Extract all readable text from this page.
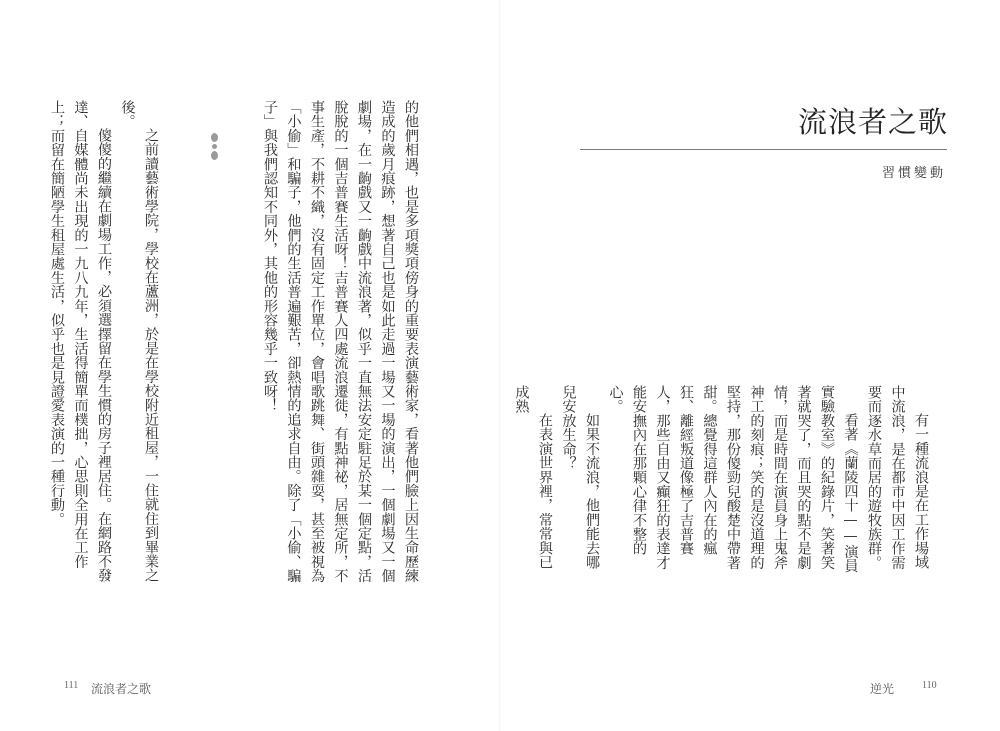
的他們相遇，也是多項獎項傍身的重要表演藝術家，看著他們臉上因生命歷練造成的歲月痕跡，想著自己也是如此走過一場又一場的演出，一個劇場又一個劇場，在一齣戲又一齣戲中流浪著，似乎一直無法安定駐足於某一個定點，活脫脫的一個吉普賽生活呀！吉普賽人四處流浪遷徙，有點神祕，居無定所，不事生產，不耕不織，沒有固定工作單位，會唱歌跳舞、街頭雜耍，甚至被視為「小偷」和騙子，他們的生活普遍艱苦，卻熱情的追求自由。除了「小偷、騙子」與我們認知不同外，其他的形容幾乎一致呀！

之前讀藝術學院，學校在蘆洲，於是在學校附近租屋，一住就住到畢業之後。

傻傻的繼續在劇場工作，必須選擇留在學生慣的房子裡居住。在網路不發達、自媒體尚未出現的一九八九年，生活得簡單而樸拙，心思則全用在工作上；而留在簡陋學生租屋處生活，似乎也是見證愛表演的一種行動。

111 流浪者之歌
流浪者之歌
習慣變動

有一種流浪是在工作場域中流浪，是在都市中因工作需要而逐水草而居的遊牧族群。

看著《蘭陵四十——演員實驗教室》的紀錄片，笑著笑著就哭了，而且哭的點不是劇情，而是時間在演員身上鬼斧神工的刻痕；笑的是沒道理的堅持，那份傻勁兒酸楚中帶著甜。總覺得這群人內在的瘋狂、離經叛道像極了吉普賽人，那些自由又癲狂的表達才能安撫內在那顆心律不整的心。

如果不流浪，他們能去哪兒安放生命？

在表演世界裡，常常與已成熟

逆光	110
